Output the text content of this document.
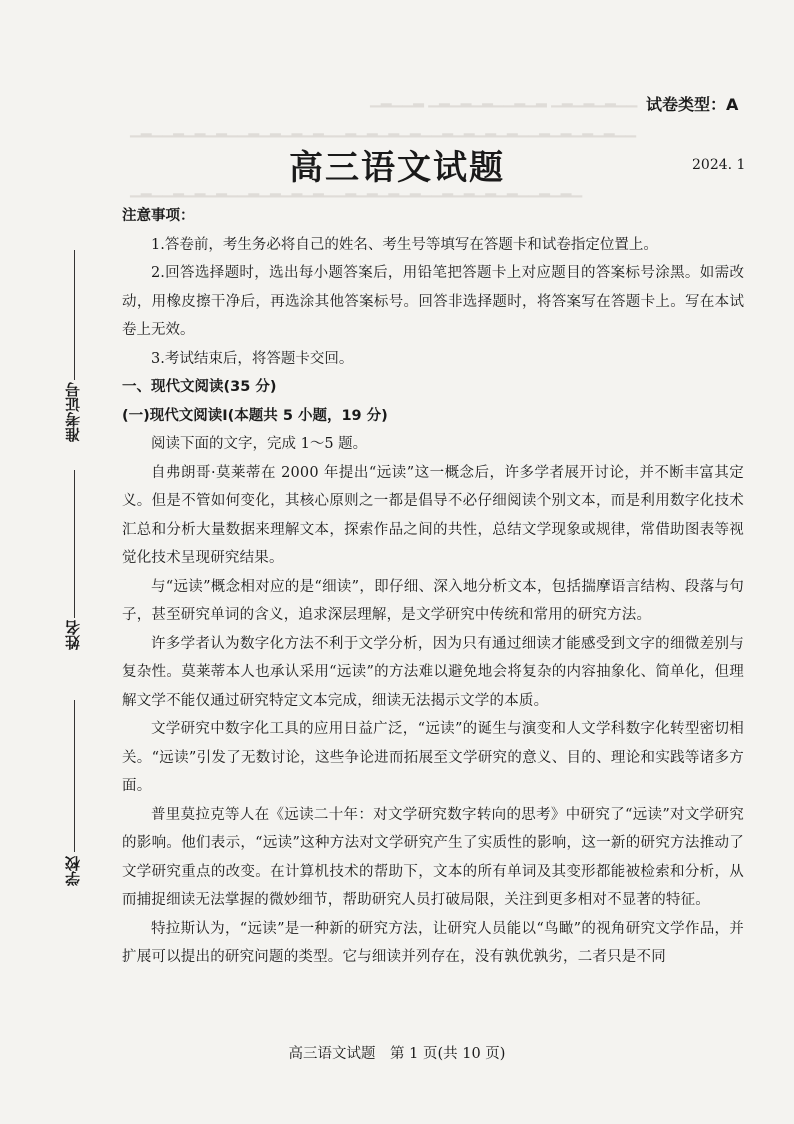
▁▂▁▁▂ ▁▂▁▂▁▂▁▁▂▁▂ ▁▂▁▂▁▂▁▁
▁▂▁▁▂▁▂▁▂▁▁▂▁▂▁▂▁▂▁▁▂▁▂▁▂▁▂▁▁▂▁▂▁▂▁▂▁▁▂▁▂▁▂▁▂▁▁
▁▂▁▁▂▁▂▁▂▁▁▂▁▂▁▂▁▂▁▁▂▁▂▁▂▁▂▁▁▂▁▂▁▂▁▂▁▁▂▁▂▁
试卷类型：A
高三语文试题	2024. 1
准考证号
姓名
学校

注意事项：

1.答卷前，考生务必将自己的姓名、考生号等填写在答题卡和试卷指定位置上。

2.回答选择题时，选出每小题答案后，用铅笔把答题卡上对应题目的答案标号涂黑。如需改动，用橡皮擦干净后，再选涂其他答案标号。回答非选择题时，将答案写在答题卡上。写在本试卷上无效。

3.考试结束后，将答题卡交回。

一、现代文阅读(35 分)

(一)现代文阅读Ⅰ(本题共 5 小题，19 分)

阅读下面的文字，完成 1～5 题。

自弗朗哥·莫莱蒂在 2000 年提出“远读”这一概念后，许多学者展开讨论，并不断丰富其定义。但是不管如何变化，其核心原则之一都是倡导不必仔细阅读个别文本，而是利用数字化技术汇总和分析大量数据来理解文本，探索作品之间的共性，总结文学现象或规律，常借助图表等视觉化技术呈现研究结果。

与“远读”概念相对应的是“细读”，即仔细、深入地分析文本，包括揣摩语言结构、段落与句子，甚至研究单词的含义，追求深层理解，是文学研究中传统和常用的研究方法。

许多学者认为数字化方法不利于文学分析，因为只有通过细读才能感受到文字的细微差别与复杂性。莫莱蒂本人也承认采用“远读”的方法难以避免地会将复杂的内容抽象化、简单化，但理解文学不能仅通过研究特定文本完成，细读无法揭示文学的本质。

文学研究中数字化工具的应用日益广泛，“远读”的诞生与演变和人文学科数字化转型密切相关。“远读”引发了无数讨论，这些争论进而拓展至文学研究的意义、目的、理论和实践等诸多方面。

普里莫拉克等人在《远读二十年：对文学研究数字转向的思考》中研究了“远读”对文学研究的影响。他们表示，“远读”这种方法对文学研究产生了实质性的影响，这一新的研究方法推动了文学研究重点的改变。在计算机技术的帮助下，文本的所有单词及其变形都能被检索和分析，从而捕捉细读无法掌握的微妙细节，帮助研究人员打破局限，关注到更多相对不显著的特征。

特拉斯认为，“远读”是一种新的研究方法，让研究人员能以“鸟瞰”的视角研究文学作品，并扩展可以提出的研究问题的类型。它与细读并列存在，没有孰优孰劣，二者只是不同

高三语文试题　第 1 页(共 10 页)
